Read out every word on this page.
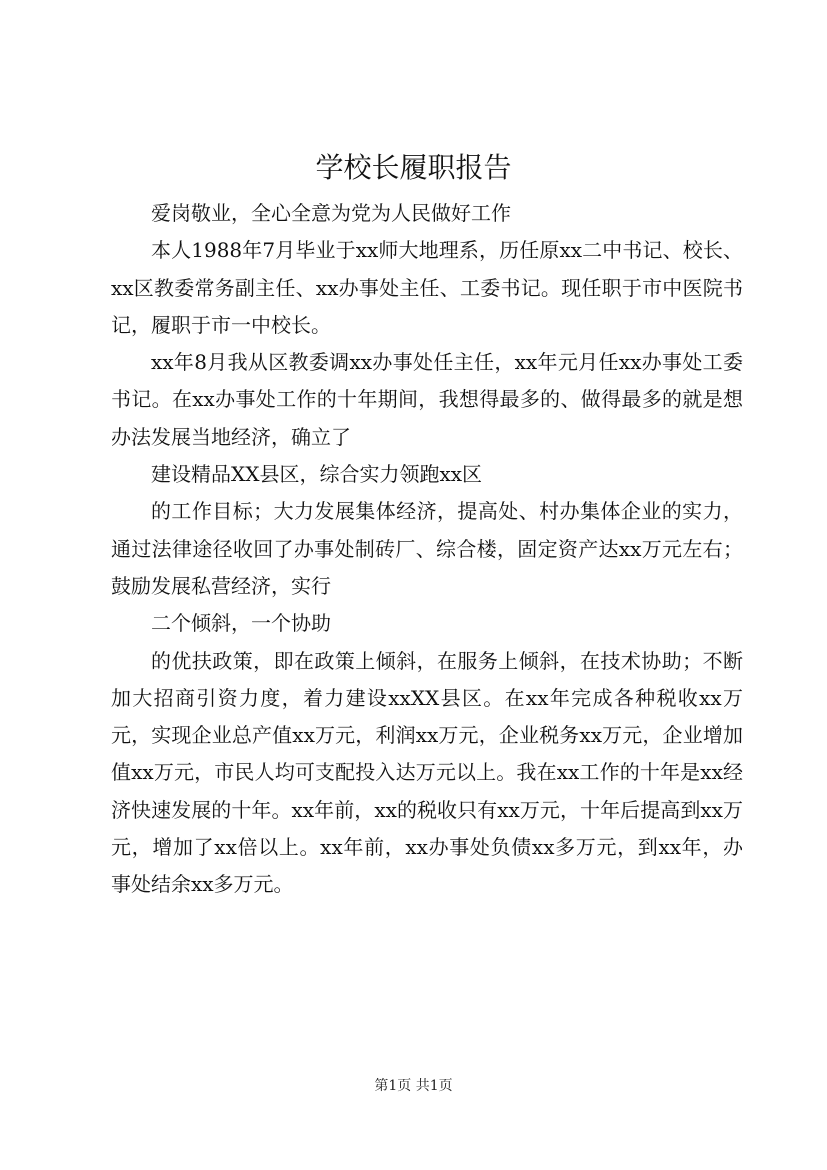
学校长履职报告

爱岗敬业，全心全意为党为人民做好工作

本人1988年7月毕业于xx师大地理系，历任原xx二中书记、校长、xx区教委常务副主任、xx办事处主任、工委书记。现任职于市中医院书记，履职于市一中校长。

xx年8月我从区教委调xx办事处任主任，xx年元月任xx办事处工委书记。在xx办事处工作的十年期间，我想得最多的、做得最多的就是想办法发展当地经济，确立了

建设精品XX县区，综合实力领跑xx区

的工作目标；大力发展集体经济，提高处、村办集体企业的实力，通过法律途径收回了办事处制砖厂、综合楼，固定资产达xx万元左右；鼓励发展私营经济，实行

二个倾斜，一个协助

的优扶政策，即在政策上倾斜，在服务上倾斜，在技术协助；不断加大招商引资力度，着力建设xxXX县区。在xx年完成各种税收xx万元，实现企业总产值xx万元，利润xx万元，企业税务xx万元，企业增加值xx万元，市民人均可支配投入达万元以上。我在xx工作的十年是xx经济快速发展的十年。xx年前，xx的税收只有xx万元，十年后提高到xx万元，增加了xx倍以上。xx年前，xx办事处负债xx多万元，到xx年，办事处结余xx多万元。

第1页 共1页
